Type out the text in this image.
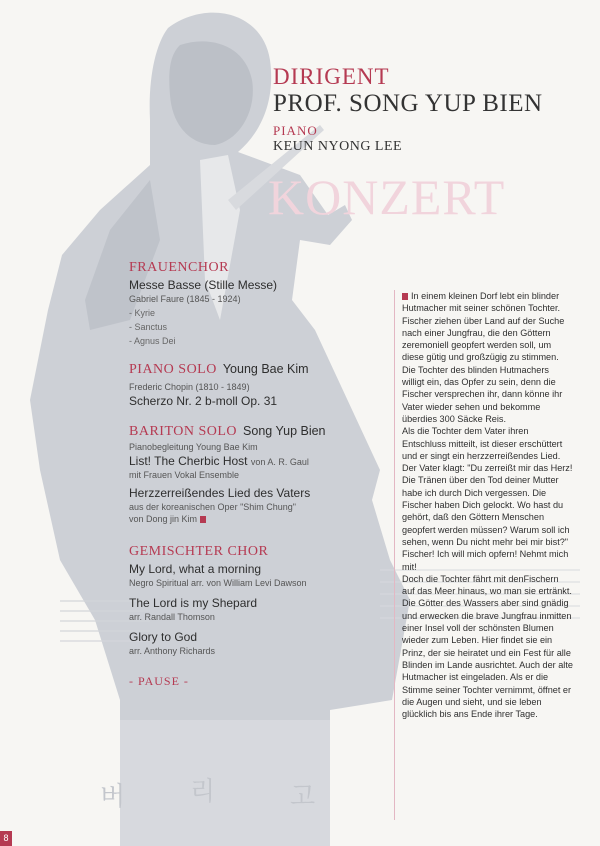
버 리	고
KONZERT
DIRIGENT
PROF. SONG YUP BIEN
PIANO
KEUN NYONG LEE
FRAUENCHOR
Messe Basse (Stille Messe)
Gabriel Faure (1845 - 1924)
- Kyrie
- Sanctus
- Agnus Dei
PIANO SOLO Young Bae Kim
Frederic Chopin (1810 - 1849)
Scherzo Nr. 2 b-moll Op. 31
BARITON SOLO Song Yup Bien
Pianobegleitung Young Bae Kim
List! The Cherbic Host von A. R. Gaul
mit Frauen Vokal Ensemble
Herzzerreißendes Lied des Vaters
aus der koreanischen Oper "Shim Chung"
von Dong jin Kim
GEMISCHTER CHOR
My Lord, what a morning
Negro Spiritual arr. von William Levi Dawson
The Lord is my Shepard
arr. Randall Thomson
Glory to God
arr. Anthony Richards
- PAUSE -

In einem kleinen Dorf lebt ein blinder Hutmacher mit seiner schönen Tochter. Fischer ziehen über Land auf der Suche nach einer Jungfrau, die den Göttern zeremoniell geopfert werden soll, um diese gütig und großzügig zu stimmen. Die Tochter des blinden Hutmachers willigt ein, das Opfer zu sein, denn die Fischer versprechen ihr, dann könne ihr Vater wieder sehen und bekomme überdies 300 Säcke Reis.

Als die Tochter dem Vater ihren Entschluss mitteilt, ist dieser erschüttert und er singt ein herzzerreißendes Lied. Der Vater klagt: "Du zerreißt mir das Herz! Die Tränen über den Tod deiner Mutter habe ich durch Dich vergessen. Die Fischer haben Dich gelockt. Wo hast du gehört, daß den Göttern Menschen geopfert werden müssen? Warum soll ich sehen, wenn Du nicht mehr bei mir bist?" Fischer! Ich will mich opfern! Nehmt mich mit!

Doch die Tochter fährt mit denFischern auf das Meer hinaus, wo man sie ertränkt.

Die Götter des Wassers aber sind gnädig und erwecken die brave Jungfrau inmitten einer Insel voll der schönsten Blumen wieder zum Leben. Hier findet sie ein Prinz, der sie heiratet und ein Fest für alle Blinden im Lande ausrichtet. Auch der alte Hutmacher ist eingeladen. Als er die Stimme seiner Tochter vernimmt, öffnet er die Augen und sieht, und sie leben glücklich bis ans Ende ihrer Tage.

8
